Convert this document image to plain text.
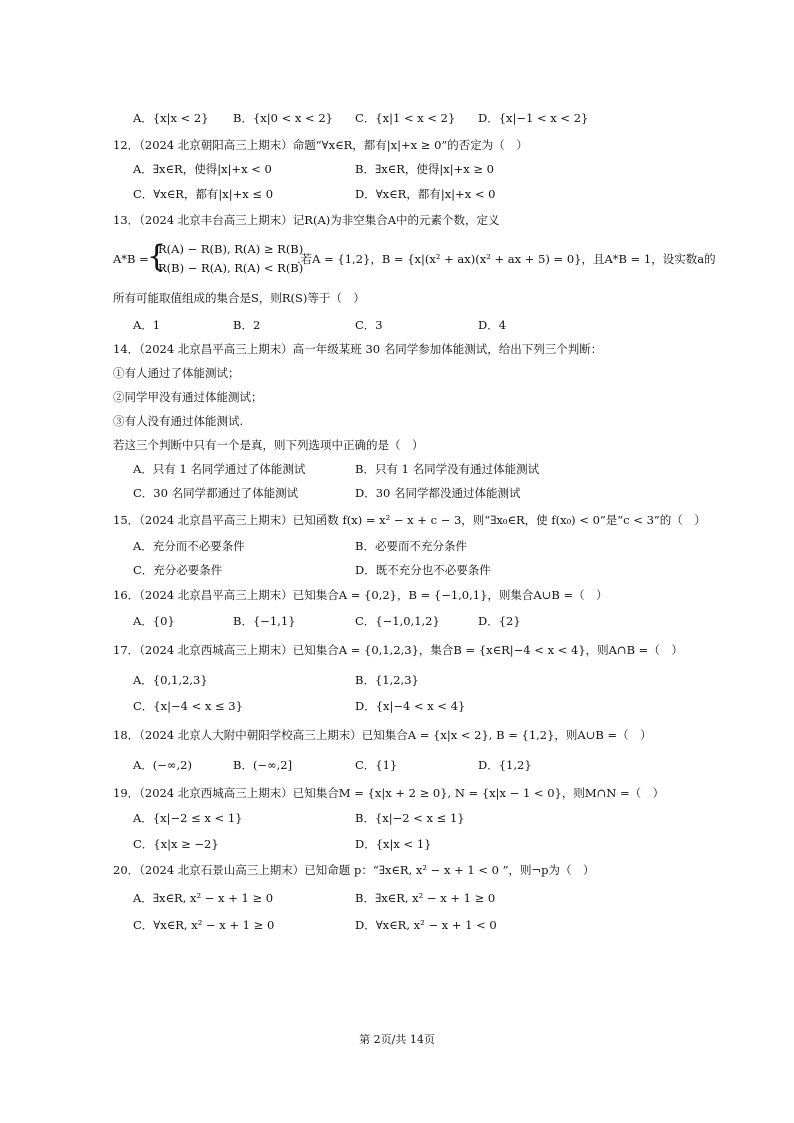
A．{x|x < 2} B．{x|0 < x < 2} C．{x|1 < x < 2} D．{x|−1 < x < 2}
12．（2024 北京朝阳高三上期末）命题“∀x∈R，都有|x|+x ≥ 0”的否定为（　）
A．∃x∈R，使得|x|+x < 0	B．∃x∈R，使得|x|+x ≥ 0
C．∀x∈R，都有|x|+x ≤ 0	D．∀x∈R，都有|x|+x < 0
13．（2024 北京丰台高三上期末）记R(A)为非空集合A中的元素个数，定义
A*B =
{
R(A) − R(B), R(A) ≥ R(B)
R(B) − R(A), R(A) < R(B)
.若A = {1,2}，B = {x|(x² + ax)(x² + ax + 5) = 0}，且A*B = 1，设实数a的
所有可能取值组成的集合是S，则R(S)等于（　）
A．1	B．2	C．3	D．4
14．（2024 北京昌平高三上期末）高一年级某班 30 名同学参加体能测试，给出下列三个判断：
①有人通过了体能测试；
②同学甲没有通过体能测试；
③有人没有通过体能测试.
若这三个判断中只有一个是真，则下列选项中正确的是（　）
A．只有 1 名同学通过了体能测试	B．只有 1 名同学没有通过体能测试
C．30 名同学都通过了体能测试	D．30 名同学都没通过体能测试
15．（2024 北京昌平高三上期末）已知函数 f(x) = x² − x + c − 3，则“∃x₀∈R，使 f(x₀) < 0”是“c < 3”的（　）
A．充分而不必要条件	B．必要而不充分条件
C．充分必要条件	D．既不充分也不必要条件
16．（2024 北京昌平高三上期末）已知集合A = {0,2}，B = {−1,0,1}，则集合A∪B =（　）
A．{0}	B．{−1,1}	C．{−1,0,1,2}	D．{2}
17．（2024 北京西城高三上期末）已知集合A = {0,1,2,3}，集合B = {x∈R|−4 < x < 4}，则A∩B =（　）
A．{0,1,2,3}	B．{1,2,3}
C．{x|−4 < x ≤ 3}	D．{x|−4 < x < 4}
18．（2024 北京人大附中朝阳学校高三上期末）已知集合A = {x|x < 2}, B = {1,2}，则A∪B =（　）
A．(−∞,2)	B．(−∞,2]	C．{1}	D．{1,2}
19．（2024 北京西城高三上期末）已知集合M = {x|x + 2 ≥ 0}, N = {x|x − 1 < 0}，则M∩N =（　）
A．{x|−2 ≤ x < 1}	B．{x|−2 < x ≤ 1}
C．{x|x ≥ −2}	D．{x|x < 1}
20．（2024 北京石景山高三上期末）已知命题 p：“∃x∈R, x² − x + 1 < 0 ”，则¬p为（　）
A．∃x∈R, x² − x + 1 ≥ 0	B．∃x∈R, x² − x + 1 ≥ 0
C．∀x∈R, x² − x + 1 ≥ 0	D．∀x∈R, x² − x + 1 < 0
第 2页/共 14页
